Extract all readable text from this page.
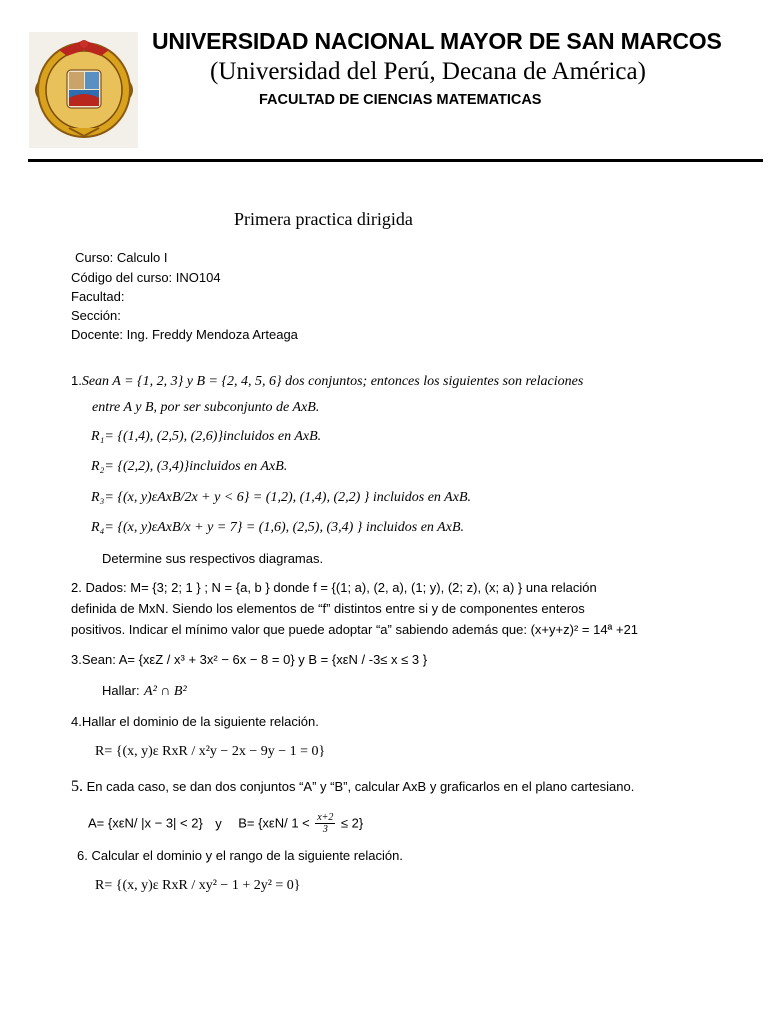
UNIVERSIDAD NACIONAL MAYOR DE SAN MARCOS
(Universidad del Perú, Decana de América)
FACULTAD DE CIENCIAS MATEMATICAS
Primera practica dirigida
Curso: Calculo I
Código del curso: INO104
Facultad:
Sección:
Docente: Ing. Freddy Mendoza Arteaga
1.Sean A = {1, 2, 3} y B = {2, 4, 5, 6} dos conjuntos; entonces los siguientes son relaciones
entre A y B, por ser subconjunto de AxB.
R₁= {(1,4), (2,5), (2,6)}incluidos en AxB.
R₂= {(2,2), (3,4)}incluidos en AxB.
R₃= {(x, y)εAxB/2x + y < 6} = (1,2), (1,4), (2,2) } incluidos en AxB.
R₄= {(x, y)εAxB/x + y = 7} = (1,6), (2,5), (3,4) } incluidos en AxB.
Determine sus respectivos diagramas.
2. Dados: M= {3; 2; 1 } ; N = {a, b } donde f = {(1; a), (2, a), (1; y), (2; z), (x; a) } una relación
definida de MxN. Siendo los elementos de “f” distintos entre si y de componentes enteros
positivos. Indicar el mínimo valor que puede adoptar “a” sabiendo además que: (x+y+z)² = 14ª +21
3.Sean: A= {xεZ / x³ + 3x² − 6x − 8 = 0} y B = {xεN / -3≤ x ≤ 3 }
Hallar: A² ∩ B²
4.Hallar el dominio de la siguiente relación.
R= {(x, y)ε RxR / x²y − 2x − 9y − 1 = 0}
5. En cada caso, se dan dos conjuntos “A” y “B”, calcular AxB y graficarlos en el plano cartesiano.
A= {xεN/ |x − 3| < 2} y B= {xεN/ $1 < \frac{x+2}{3} \le 2$}
6. Calcular el dominio y el rango de la siguiente relación.
R= {(x, y)ε RxR / xy² − 1 + 2y² = 0}
